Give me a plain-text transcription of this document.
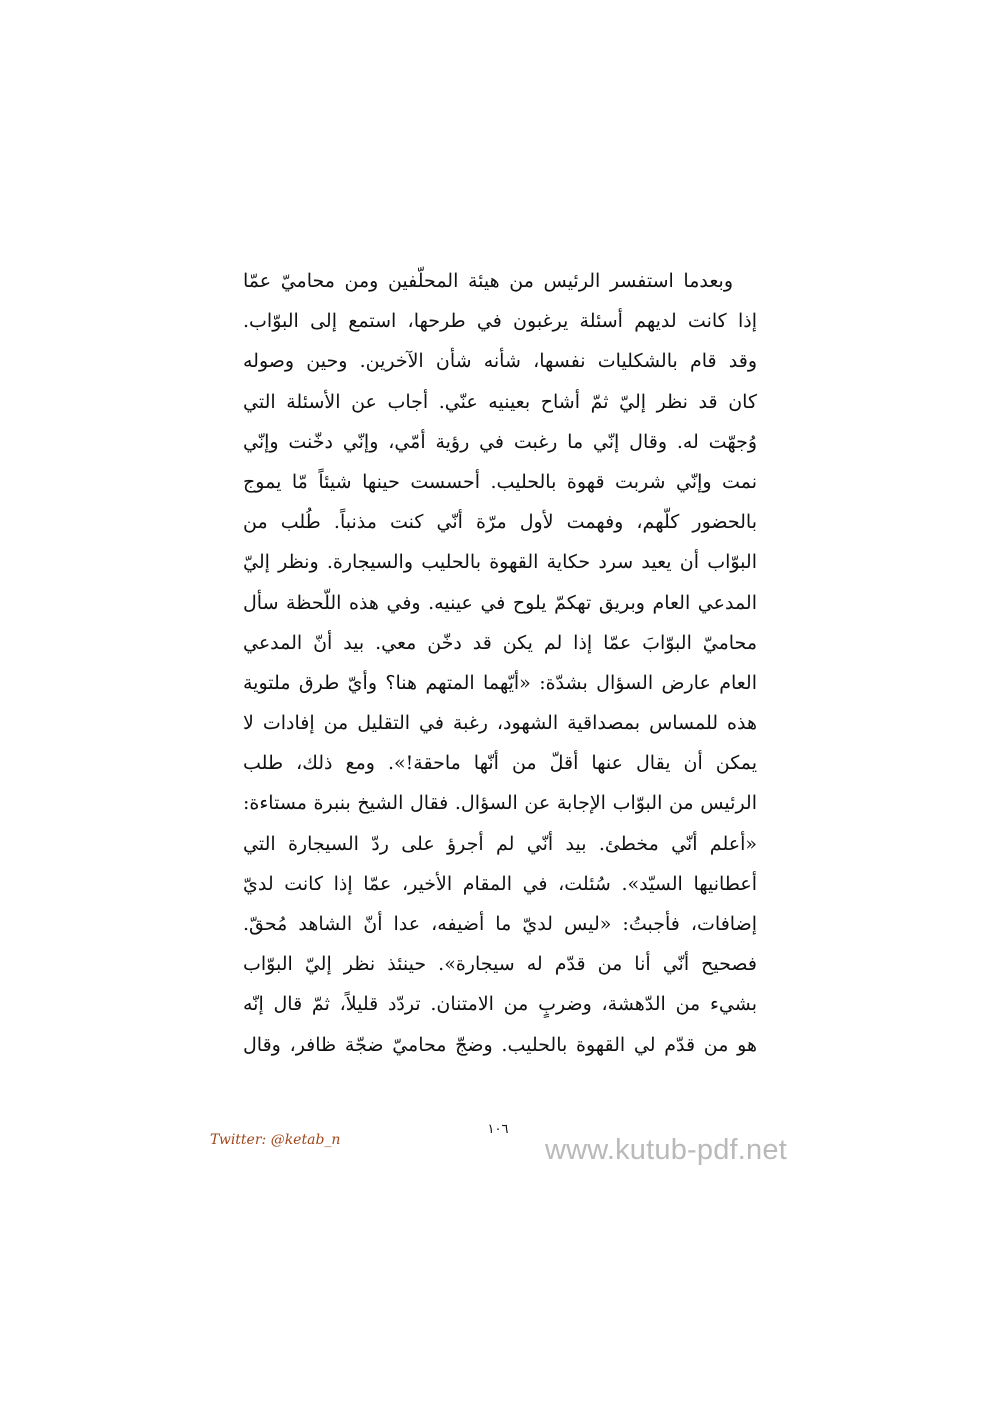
وبعدما استفسر الرئيس من هيئة المحلّفين ومن محاميّ عمّا
إذا كانت لديهم أسئلة يرغبون في طرحها، استمع إلى البوّاب.
وقد قام بالشكليات نفسها، شأنه شأن الآخرين. وحين وصوله
كان قد نظر إليّ ثمّ أشاح بعينيه عنّي. أجاب عن الأسئلة التي
وُجهّت له. وقال إنّي ما رغبت في رؤية أمّي، وإنّي دخّنت وإنّي
نمت وإنّي شربت قهوة بالحليب. أحسست حينها شيئاً مّا يموج
بالحضور كلّهم، وفهمت لأول مرّة أنّي كنت مذنباً. طُلب من
البوّاب أن يعيد سرد حكاية القهوة بالحليب والسيجارة. ونظر إليّ
المدعي العام وبريق تهكمّ يلوح في عينيه. وفي هذه اللّحظة سأل
محاميّ البوّابَ عمّا إذا لم يكن قد دخّن معي. بيد أنّ المدعي
العام عارض السؤال بشدّة: «أيّهما المتهم هنا؟ وأيّ طرق ملتوية
هذه للمساس بمصداقية الشهود، رغبة في التقليل من إفادات لا
يمكن أن يقال عنها أقلّ من أنّها ماحقة!». ومع ذلك، طلب
الرئيس من البوّاب الإجابة عن السؤال. فقال الشيخ بنبرة مستاءة:
«أعلم أنّي مخطئ. بيد أنّي لم أجرؤ على ردّ السيجارة التي
أعطانيها السيّد». سُئلت، في المقام الأخير، عمّا إذا كانت لديّ
إضافات، فأجبتُ: «ليس لديّ ما أضيفه، عدا أنّ الشاهد مُحقّ.
فصحيح أنّي أنا من قدّم له سيجارة». حينئذ نظر إليّ البوّاب
بشيء من الدّهشة، وضربٍ من الامتنان. تردّد قليلاً، ثمّ قال إنّه
هو من قدّم لي القهوة بالحليب. وضجّ محاميّ ضجّة ظافر، وقال
١٠٦
Twitter: @ketab_n	www.kutub-pdf.net
